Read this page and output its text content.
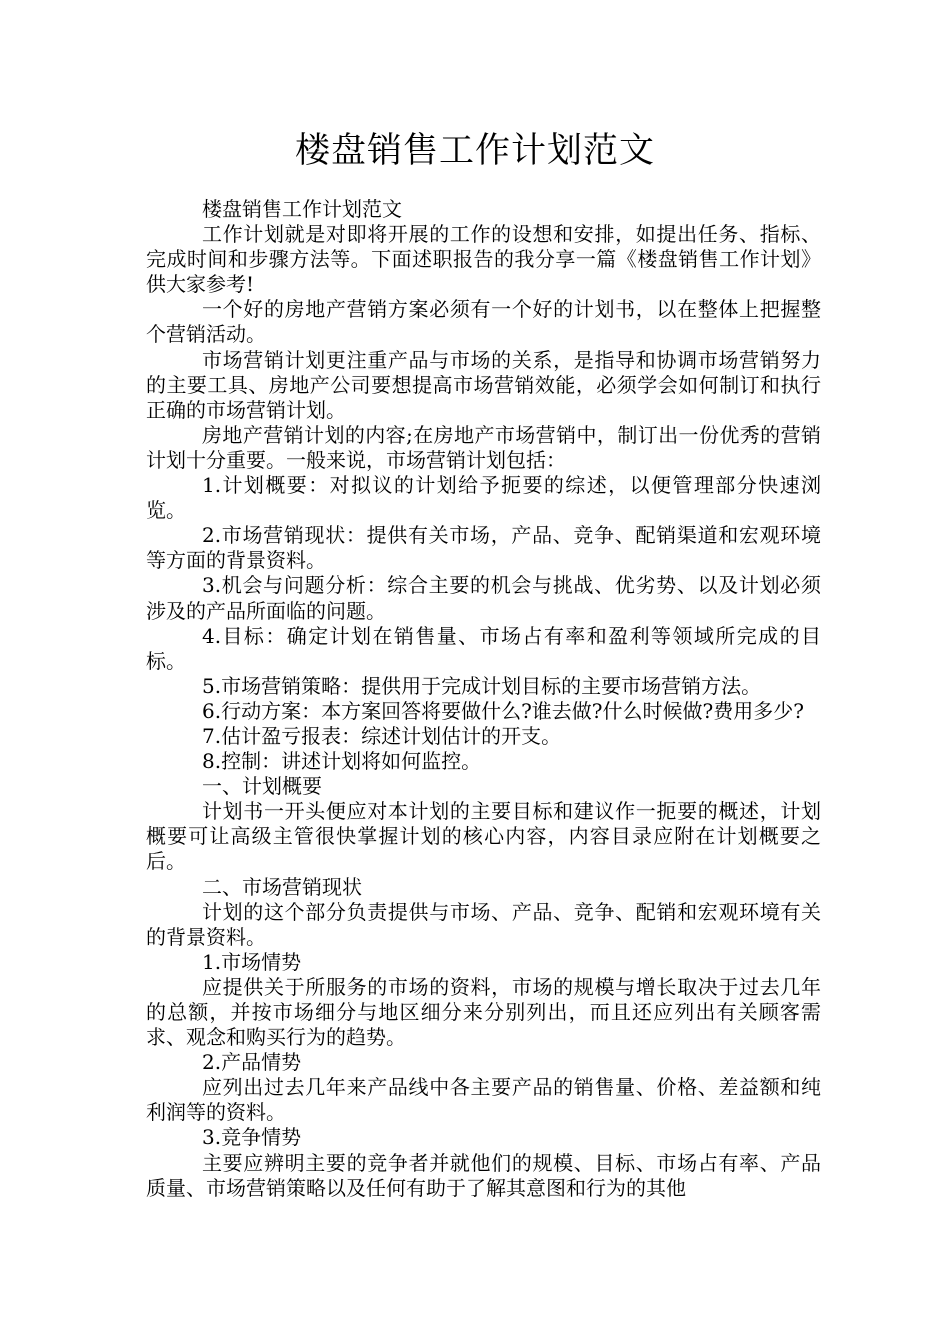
楼盘销售工作计划范文

楼盘销售工作计划范文

工作计划就是对即将开展的工作的设想和安排，如提出任务、指标、完成时间和步骤方法等。下面述职报告的我分享一篇《楼盘销售工作计划》供大家参考!

一个好的房地产营销方案必须有一个好的计划书，以在整体上把握整个营销活动。

市场营销计划更注重产品与市场的关系，是指导和协调市场营销努力的主要工具、房地产公司要想提高市场营销效能，必须学会如何制订和执行正确的市场营销计划。

房地产营销计划的内容;在房地产市场营销中，制订出一份优秀的营销计划十分重要。一般来说，市场营销计划包括：

1.计划概要：对拟议的计划给予扼要的综述，以便管理部分快速浏览。

2.市场营销现状：提供有关市场，产品、竞争、配销渠道和宏观环境等方面的背景资料。

3.机会与问题分析：综合主要的机会与挑战、优劣势、以及计划必须涉及的产品所面临的问题。

4.目标：确定计划在销售量、市场占有率和盈利等领域所完成的目标。

5.市场营销策略：提供用于完成计划目标的主要市场营销方法。

6.行动方案：本方案回答将要做什么?谁去做?什么时候做?费用多少?

7.估计盈亏报表：综述计划估计的开支。

8.控制：讲述计划将如何监控。

一、计划概要

计划书一开头便应对本计划的主要目标和建议作一扼要的概述，计划概要可让高级主管很快掌握计划的核心内容，内容目录应附在计划概要之后。

二、市场营销现状

计划的这个部分负责提供与市场、产品、竞争、配销和宏观环境有关的背景资料。

1.市场情势

应提供关于所服务的市场的资料，市场的规模与增长取决于过去几年的总额，并按市场细分与地区细分来分别列出，而且还应列出有关顾客需求、观念和购买行为的趋势。

2.产品情势

应列出过去几年来产品线中各主要产品的销售量、价格、差益额和纯利润等的资料。

3.竞争情势

主要应辨明主要的竞争者并就他们的规模、目标、市场占有率、产品质量、市场营销策略以及任何有助于了解其意图和行为的其他
